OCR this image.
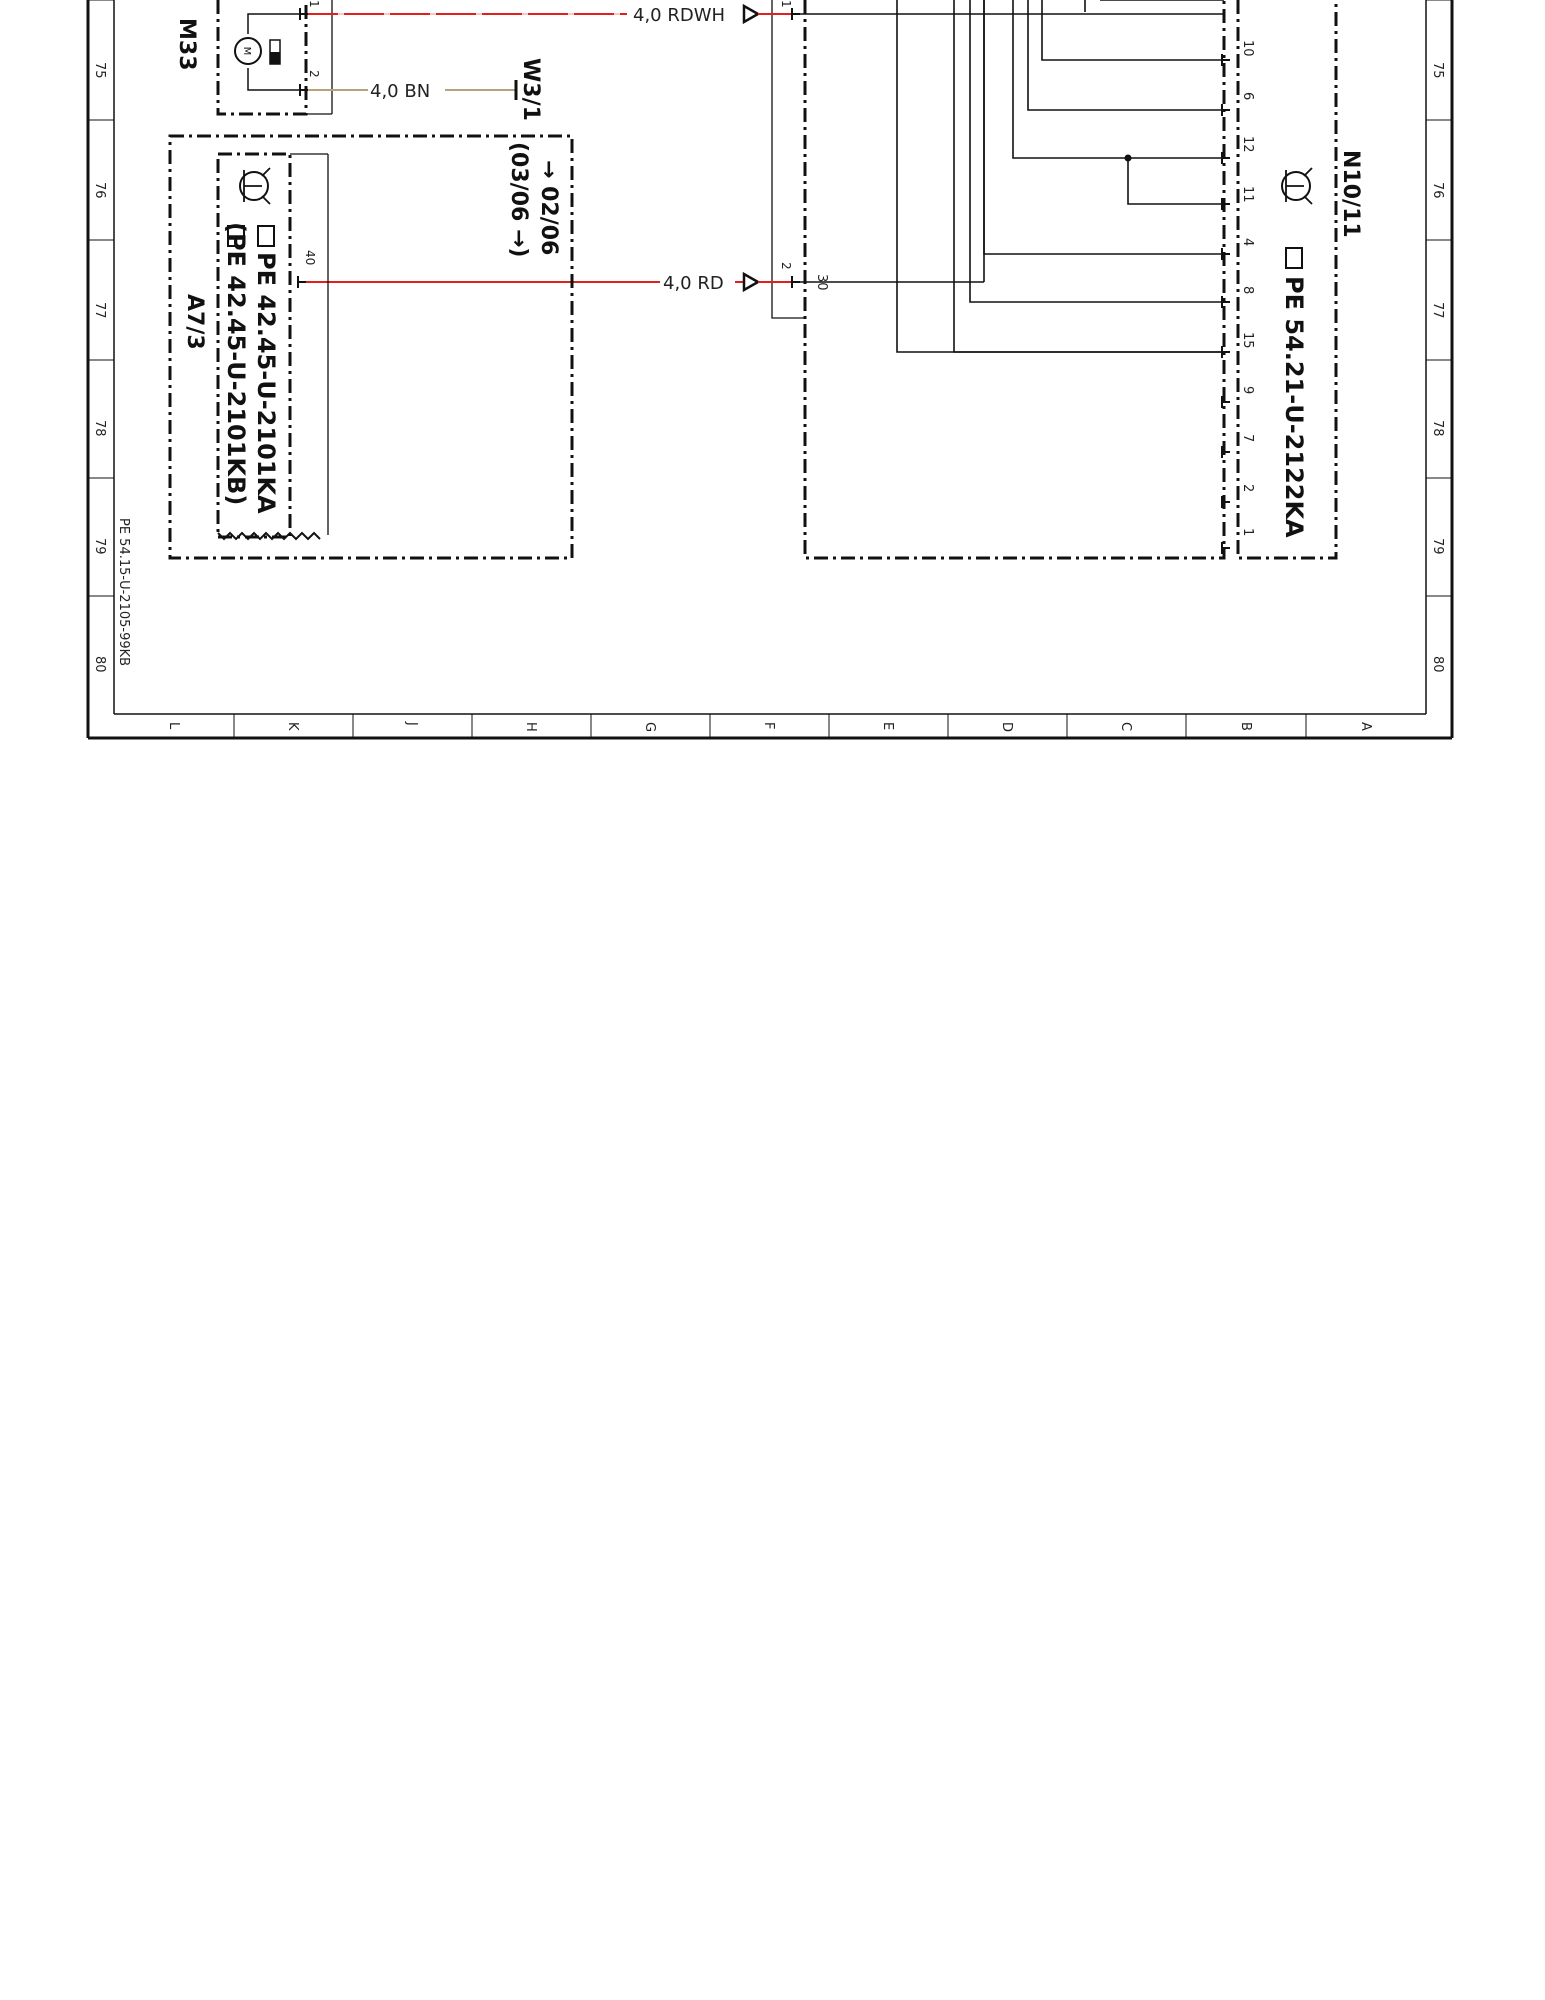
75
76
77
78
79
80
75
76
77
78
79
80
L	K	J	H	G	F	E	D	C	B	A
PE 54.15-U-2105-99KB
M
1
2
M33
4,0 RDWH
4,0 BN
4,0 RD
W3/1
40
PE 42.45-U-2101KA
(PE 42.45-U-2101KB)
A7/3
→ 02/06
(03/06 →)
1
2
30
10
6
12
11
4
8
15
9
7
2
1 PE 54.21-U-2122KA
N10/11
